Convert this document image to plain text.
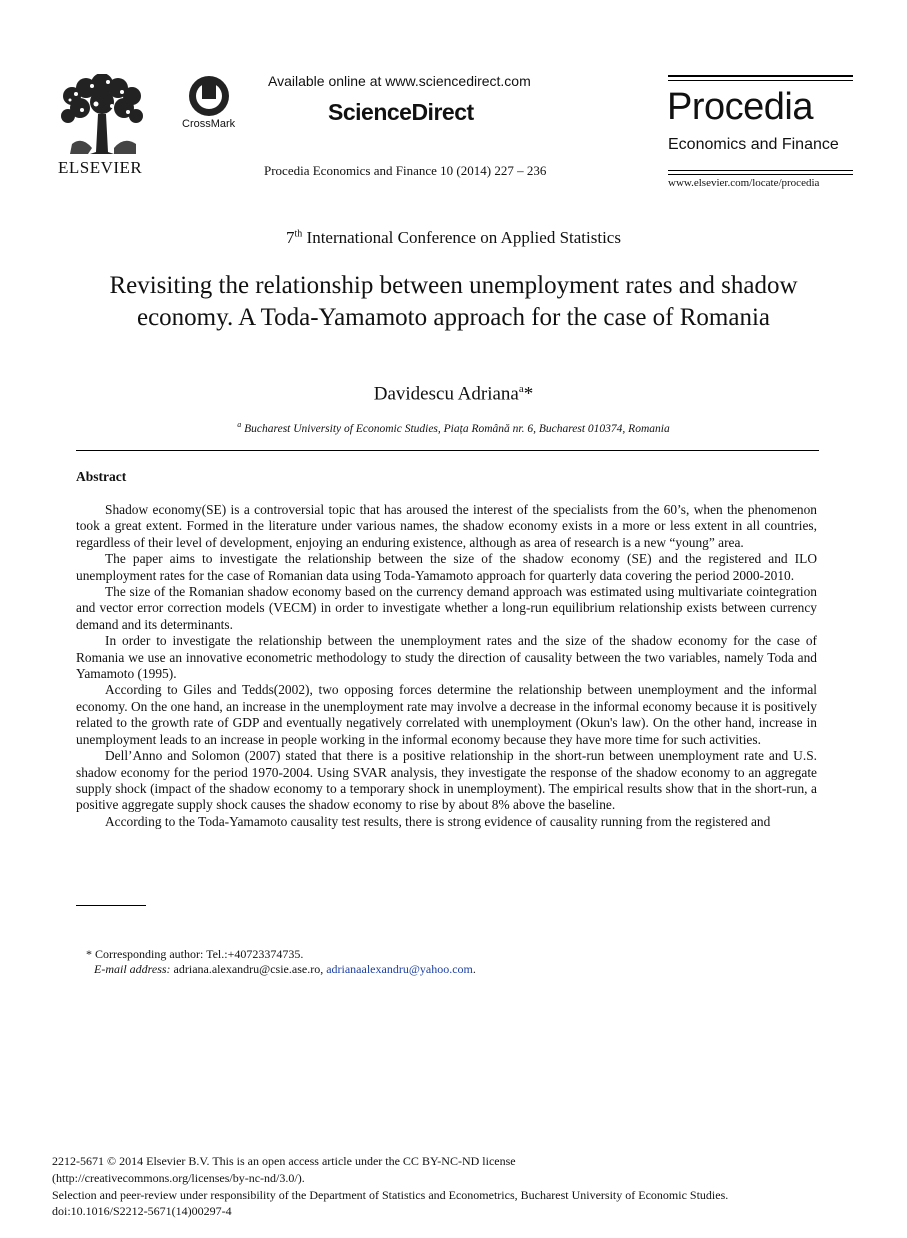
ELSEVIER
CrossMark
Available online at www.sciencedirect.com
ScienceDirect
Procedia Economics and Finance 10 (2014) 227 – 236
Procedia
Economics and Finance
www.elsevier.com/locate/procedia
7th International Conference on Applied Statistics
Revisiting the relationship between unemployment rates and shadow economy. A Toda-Yamamoto approach for the case of Romania
Davidescu Adriana$^a$*
$^a$ Bucharest University of Economic Studies, Piața Română nr. 6, Bucharest 010374, Romania
Abstract

Shadow economy(SE) is a controversial topic that has aroused the interest of the specialists from the 60’s, when the phenomenon took a great extent. Formed in the literature under various names, the shadow economy exists in a more or less extent in all countries, regardless of their level of development, enjoying an enduring existence, although as area of research is a new “young” area.

The paper aims to investigate the relationship between the size of the shadow economy (SE) and the registered and ILO unemployment rates for the case of Romanian data using Toda-Yamamoto approach for quarterly data covering the period 2000-2010.

The size of the Romanian shadow economy based on the currency demand approach was estimated using multivariate cointegration and vector error correction models (VECM) in order to investigate whether a long-run equilibrium relationship exists between currency demand and its determinants.

In order to investigate the relationship between the unemployment rates and the size of the shadow economy for the case of Romania we use an innovative econometric methodology to study the direction of causality between the two variables, namely Toda and Yamamoto (1995).

According to Giles and Tedds(2002), two opposing forces determine the relationship between unemployment and the informal economy. On the one hand, an increase in the unemployment rate may involve a decrease in the informal economy because it is positively related to the growth rate of GDP and eventually negatively correlated with unemployment (Okun's law). On the other hand, increase in unemployment leads to an increase in people working in the informal economy because they have more time for such activities.

Dell’Anno and Solomon (2007) stated that there is a positive relationship in the short-run between unemployment rate and U.S. shadow economy for the period 1970-2004. Using SVAR analysis, they investigate the response of the shadow economy to an aggregate supply shock (impact of the shadow economy to a temporary shock in unemployment). The empirical results show that in the short-run, a positive aggregate supply shock causes the shadow economy to rise by about 8% above the baseline.

According to the Toda-Yamamoto causality test results, there is strong evidence of causality running from the registered and

* Corresponding author: Tel.:+40723374735.
E-mail address: adriana.alexandru@csie.ase.ro, adrianaalexandru@yahoo.com.
2212-5671 © 2014 Elsevier B.V. This is an open access article under the CC BY-NC-ND license
(http://creativecommons.org/licenses/by-nc-nd/3.0/).
Selection and peer-review under responsibility of the Department of Statistics and Econometrics, Bucharest University of Economic Studies.
doi:10.1016/S2212-5671(14)00297-4
